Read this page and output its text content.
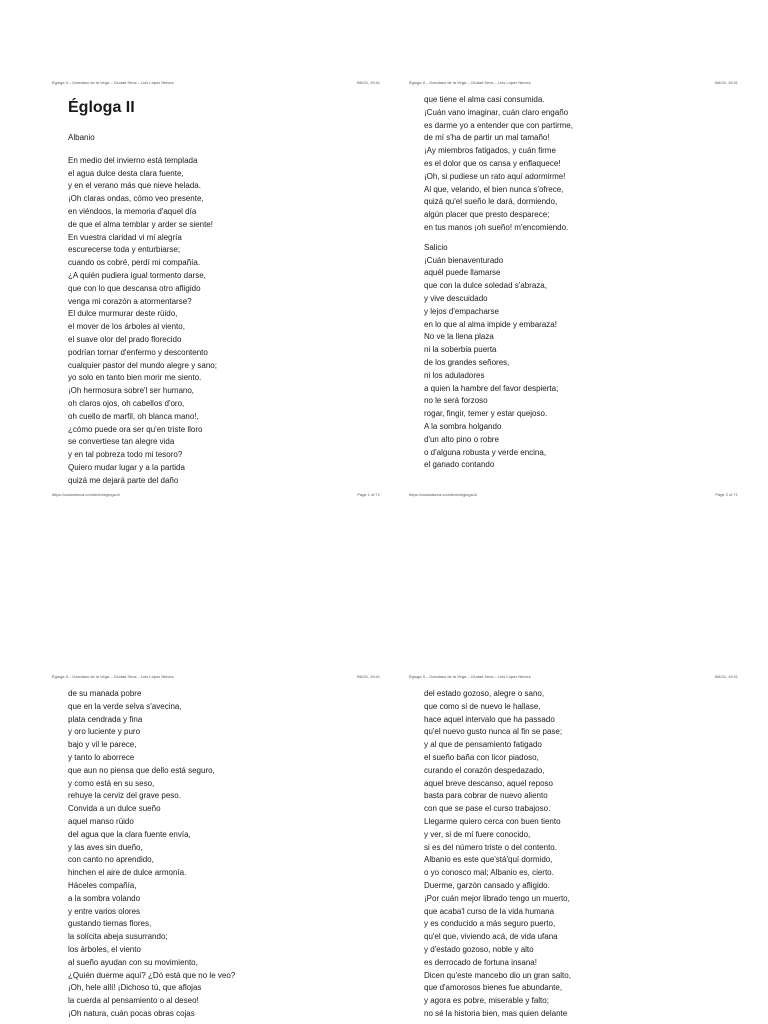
Égloga II – Garcilaso de la Vega – Ciudad Seva – Luis López Nieves	5/6/24, 19:41
Égloga II

Albanio

En medio del invierno está templada

el agua dulce desta clara fuente,

y en el verano más que nieve helada.

¡Oh claras ondas, cómo veo presente,

en viéndoos, la memoria d'aquel día

de que el alma temblar y arder se siente!

En vuestra claridad vi mi alegría

escurecerse toda y enturbiarse;

cuando os cobré, perdí mi compañía.

¿A quién pudiera igual tormento darse,

que con lo que descansa otro afligido

venga mi corazón a atormentarse?

El dulce murmurar deste rüido,

el mover de los árboles al viento,

el suave olor del prado florecido

podrían tornar d'enfermo y descontento

cualquier pastor del mundo alegre y sano;

yo solo en tanto bien morir me siento.

¡Oh hermosura sobre'l ser humano,

oh claros ojos, oh cabellos d'oro,

oh cuello de marfil, oh blanca mano!,

¿cómo puede ora ser qu'en triste lloro

se convertiese tan alegre vida

y en tal pobreza todo mi tesoro?

Quiero mudar lugar y a la partida

quizá me dejará parte del daño

https://ciudadseva.com/texto/egloga-ii/	Page 1 of 71
Égloga II – Garcilaso de la Vega – Ciudad Seva – Luis López Nieves	5/6/24, 19:41

que tiene el alma casi consumida.

¡Cuán vano imaginar, cuán claro engaño

es darme yo a entender que con partirme,

de mí s'ha de partir un mal tamaño!

¡Ay miembros fatigados, y cuán firme

es el dolor que os cansa y enflaquece!

¡Oh, si pudiese un rato aquí adormirme!

Al que, velando, el bien nunca s'ofrece,

quizá qu'el sueño le dará, dormiendo,

algún placer que presto desparece;

en tus manos ¡oh sueño! m'encomiendo.

Salicio

¡Cuán bienaventurado

aquél puede llamarse

que con la dulce soledad s'abraza,

y vive descuidado

y lejos d'empacharse

en lo que al alma impide y embaraza!

No ve la llena plaza

ni la soberbia puerta

de los grandes señores,

ni los aduladores

a quien la hambre del favor despierta;

no le será forzoso

rogar, fingir, temer y estar quejoso.

A la sombra holgando

d'un alto pino o robre

o d'alguna robusta y verde encina,

el ganado contando

https://ciudadseva.com/texto/egloga-ii/	Page 2 of 71
Égloga II – Garcilaso de la Vega – Ciudad Seva – Luis López Nieves	5/6/24, 19:41

de su manada pobre

que en la verde selva s'avecina,

plata cendrada y fina

y oro luciente y puro

bajo y vil le parece,

y tanto lo aborrece

que aun no piensa que dello está seguro,

y como está en su seso,

rehuye la cerviz del grave peso.

Convida a un dulce sueño

aquel manso rüido

del agua que la clara fuente envía,

y las aves sin dueño,

con canto no aprendido,

hinchen el aire de dulce armonía.

Háceles compañía,

a la sombra volando

y entre varios olores

gustando tiernas flores,

la solícita abeja susurrando;

los árboles, el viento

al sueño ayudan con su movimiento,

¿Quién duerme aquí? ¿Dó está que no le veo?

¡Oh, hele allí! ¡Dichoso tú, que aflojas

la cuerda al pensamiento o al deseo!

¡Oh natura, cuán pocas obras cojas

Égloga II – Garcilaso de la Vega – Ciudad Seva – Luis López Nieves	5/6/24, 19:41

del estado gozoso, alegre o sano,

que como si de nuevo le hallase,

hace aquel intervalo que ha passado

qu'el nuevo gusto nunca al fin se pase;

y al que de pensamiento fatigado

el sueño baña con licor piadoso,

curando el corazón despedazado,

aquel breve descanso, aquel reposo

basta para cobrar de nuevo aliento

con que se pase el curso trabajoso.

Llegarme quiero cerca con buen tiento

y ver, si de mí fuere conocido,

si es del número triste o del contento.

Albanio es este que'stá'quí dormido,

o yo conosco mal; Albanio es, cierto.

Duerme, garzón cansado y afligido.

¡Por cuán mejor librado tengo un muerto,

que acaba'l curso de la vida humana

y es conducido a más seguro puerto,

qu'el que, viviendo acá, de vida ufana

y d'estado gozoso, noble y alto

es derrocado de fortuna insana!

Dicen qu'este mancebo dio un gran salto,

que d'amorosos bienes fue abundante,

y agora es pobre, miserable y falto;

no sé la historia bien, mas quien delante
